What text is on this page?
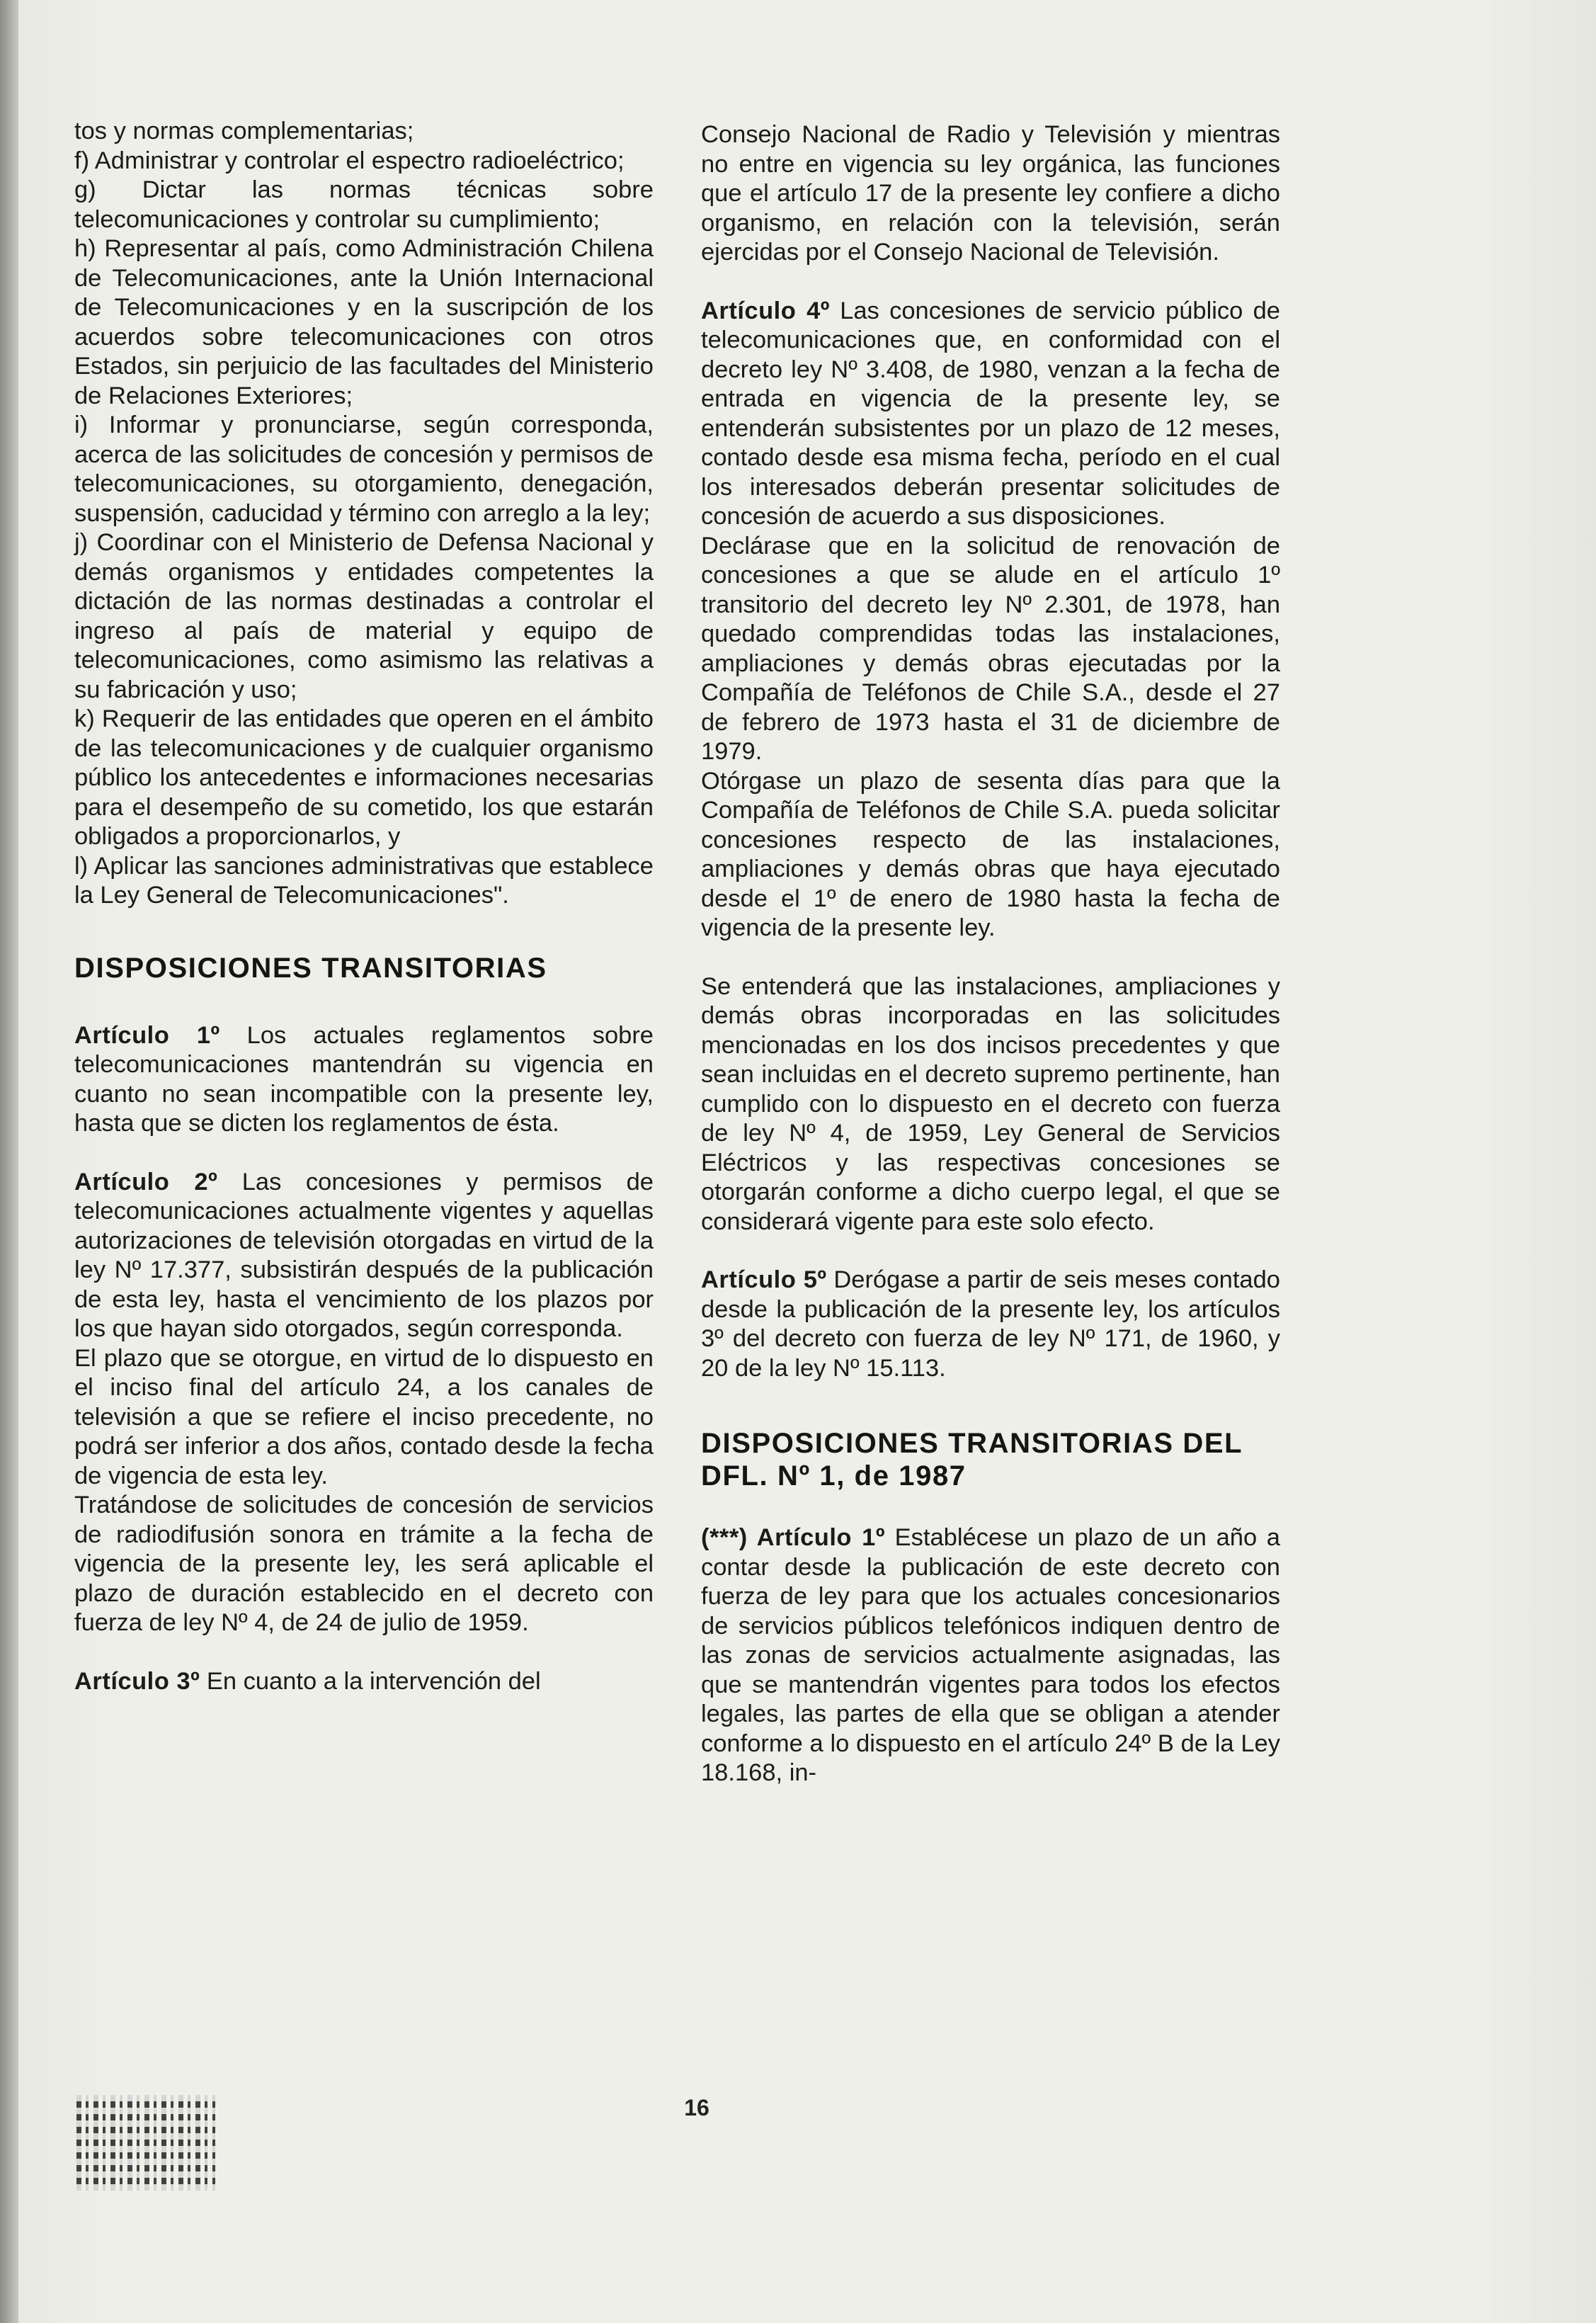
tos y normas complementarias;

f) Administrar y controlar el espectro radioeléctrico;

g) Dictar las normas técnicas sobre telecomunicaciones y controlar su cumplimiento;

h) Representar al país, como Administración Chilena de Telecomunicaciones, ante la Unión Internacional de Telecomunicaciones y en la suscripción de los acuerdos sobre telecomunicaciones con otros Estados, sin perjuicio de las facultades del Ministerio de Relaciones Exteriores;

i) Informar y pronunciarse, según corresponda, acerca de las solicitudes de concesión y permisos de telecomunicaciones, su otorgamiento, denegación, suspensión, caducidad y término con arreglo a la ley;

j) Coordinar con el Ministerio de Defensa Nacional y demás organismos y entidades competentes la dictación de las normas destinadas a controlar el ingreso al país de material y equipo de telecomunicaciones, como asimismo las relativas a su fabricación y uso;

k) Requerir de las entidades que operen en el ámbito de las telecomunicaciones y de cualquier organismo público los antecedentes e informaciones necesarias para el desempeño de su cometido, los que estarán obligados a proporcionarlos, y

l) Aplicar las sanciones administrativas que establece la Ley General de Telecomunicaciones".

DISPOSICIONES TRANSITORIAS

Artículo 1º Los actuales reglamentos sobre telecomunicaciones mantendrán su vigencia en cuanto no sean incompatible con la presente ley, hasta que se dicten los reglamentos de ésta.

Artículo 2º Las concesiones y permisos de telecomunicaciones actualmente vigentes y aquellas autorizaciones de televisión otorgadas en virtud de la ley Nº 17.377, subsistirán después de la publicación de esta ley, hasta el vencimiento de los plazos por los que hayan sido otorgados, según corresponda.

El plazo que se otorgue, en virtud de lo dispuesto en el inciso final del artículo 24, a los canales de televisión a que se refiere el inciso precedente, no podrá ser inferior a dos años, contado desde la fecha de vigencia de esta ley.

Tratándose de solicitudes de concesión de servicios de radiodifusión sonora en trámite a la fecha de vigencia de la presente ley, les será aplicable el plazo de duración establecido en el decreto con fuerza de ley Nº 4, de 24 de julio de 1959.

Artículo 3º En cuanto a la intervención del

Consejo Nacional de Radio y Televisión y mientras no entre en vigencia su ley orgánica, las funciones que el artículo 17 de la presente ley confiere a dicho organismo, en relación con la televisión, serán ejercidas por el Consejo Nacional de Televisión.

Artículo 4º Las concesiones de servicio público de telecomunicaciones que, en conformidad con el decreto ley Nº 3.408, de 1980, venzan a la fecha de entrada en vigencia de la presente ley, se entenderán subsistentes por un plazo de 12 meses, contado desde esa misma fecha, período en el cual los interesados deberán presentar solicitudes de concesión de acuerdo a sus disposiciones.

Declárase que en la solicitud de renovación de concesiones a que se alude en el artículo 1º transitorio del decreto ley Nº 2.301, de 1978, han quedado comprendidas todas las instalaciones, ampliaciones y demás obras ejecutadas por la Compañía de Teléfonos de Chile S.A., desde el 27 de febrero de 1973 hasta el 31 de diciembre de 1979.

Otórgase un plazo de sesenta días para que la Compañía de Teléfonos de Chile S.A. pueda solicitar concesiones respecto de las instalaciones, ampliaciones y demás obras que haya ejecutado desde el 1º de enero de 1980 hasta la fecha de vigencia de la presente ley.

Se entenderá que las instalaciones, ampliaciones y demás obras incorporadas en las solicitudes mencionadas en los dos incisos precedentes y que sean incluidas en el decreto supremo pertinente, han cumplido con lo dispuesto en el decreto con fuerza de ley Nº 4, de 1959, Ley General de Servicios Eléctricos y las respectivas concesiones se otorgarán conforme a dicho cuerpo legal, el que se considerará vigente para este solo efecto.

Artículo 5º Derógase a partir de seis meses contado desde la publicación de la presente ley, los artículos 3º del decreto con fuerza de ley Nº 171, de 1960, y 20 de la ley Nº 15.113.

DISPOSICIONES TRANSITORIAS DEL DFL. Nº 1, de 1987

(***) Artículo 1º Establécese un plazo de un año a contar desde la publicación de este decreto con fuerza de ley para que los actuales concesionarios de servicios públicos telefónicos indiquen dentro de las zonas de servicios actualmente asignadas, las que se mantendrán vigentes para todos los efectos legales, las partes de ella que se obligan a atender conforme a lo dispuesto en el artículo 24º B de la Ley 18.168, in-

16
